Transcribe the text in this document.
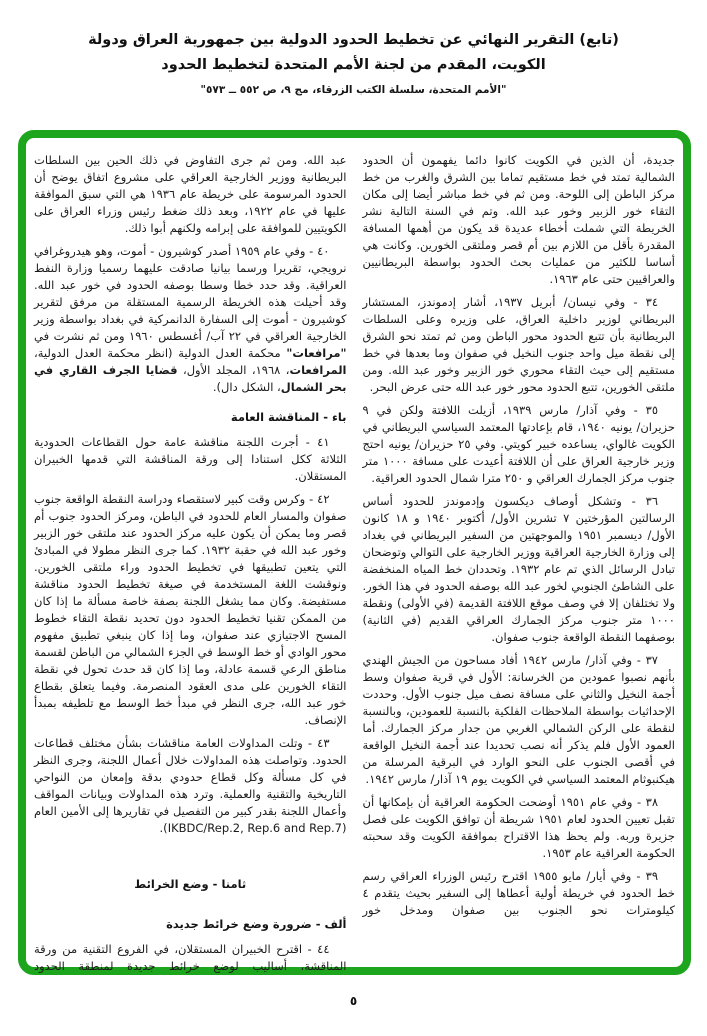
(تابع) التقرير النهائي عن تخطيط الحدود الدولية بين جمهورية العراق ودولة

الكويت، المقدم من لجنة الأمم المتحدة لتخطيط الحدود

"الأمم المتحدة، سلسلة الكتب الزرقاء، مج ٩، ص ٥٥٢ ــ ٥٧٣"

جديدة، أن الذين في الكويت كانوا دائما يفهمون أن الحدود الشمالية تمتد في خط مستقيم تماما بين الشرق والغرب من خط مركز الباطن إلى اللوحة. ومن ثم في خط مباشر أيضا إلى مكان التقاء خور الزبير وخور عبد الله. وتم في السنة التالية نشر الخريطة التي شملت أخطاء عديدة قد يكون من أهمها المسافة المقدرة بأقل من اللازم بين أم قصر وملتقى الخورين. وكانت هي أساسا للكثير من عمليات بحث الحدود بواسطة البريطانيين والعراقيين حتى عام ١٩٦٣.

٣٤ - وفي نيسان/ أبريل ١٩٣٧، أشار إدموندز، المستشار البريطاني لوزير داخلية العراق، على وزيره وعلى السلطات البريطانية بأن تتبع الحدود محور الباطن ومن ثم تمتد نحو الشرق إلى نقطة ميل واحد جنوب النخيل في صفوان وما بعدها في خط مستقيم إلى حيث التقاء محوري خور الزبير وخور عبد الله. ومن ملتقى الخورين، تتبع الحدود محور خور عبد الله حتى عرض البحر.

٣٥ - وفي آذار/ مارس ١٩٣٩، أزيلت اللافتة ولكن في ٩ حزيران/ يونيه ١٩٤٠، قام بإعادتها المعتمد السياسي البريطاني في الكويت غالواي، يساعده خبير كويتي. وفي ٢٥ حزيران/ يونيه احتج وزير خارجية العراق على أن اللافتة أعيدت على مسافة ١٠٠٠ متر جنوب مركز الجمارك العراقي و ٢٥٠ مترا شمال الحدود العراقية.

٣٦ - وتشكل أوصاف ديكسون وإدموندز للحدود أساس الرسالتين المؤرختين ٧ تشرين الأول/ أكتوبر ١٩٤٠ و ١٨ كانون الأول/ ديسمبر ١٩٥١ والموجهتين من السفير البريطاني في بغداد إلى وزارة الخارجية العراقية ووزير الخارجية على التوالي وتوضحان تبادل الرسائل الذي تم عام ١٩٣٢. وتحددان خط المياه المنخفضة على الشاطئ الجنوبي لخور عبد الله بوصفه الحدود في هذا الخور. ولا تختلفان إلا في وصف موقع اللافتة القديمة (في الأولى) ونقطة ١٠٠٠ متر جنوب مركز الجمارك العراقي القديم (في الثانية) بوصفهما النقطة الواقعة جنوب صفوان.

٣٧ - وفي آذار/ مارس ١٩٤٢ أفاد مساحون من الجيش الهندي بأنهم نصبوا عمودين من الخرسانة: الأول في قرية صفوان وسط أجمة النخيل والثاني على مسافة نصف ميل جنوب الأول. وحددت الإحداثيات بواسطة الملاحظات الفلكية بالنسبة للعمودين، وبالنسبة لنقطة على الركن الشمالي الغربي من جدار مركز الجمارك. أما العمود الأول فلم يذكر أنه نصب تحديدا عند أجمة النخيل الواقعة في أقصى الجنوب على النحو الوارد في البرقية المرسلة من هيكنبوثام المعتمد السياسي في الكويت يوم ١٩ آذار/ مارس ١٩٤٢.

٣٨ - وفي عام ١٩٥١ أوضحت الحكومة العراقية أن بإمكانها أن تقبل تعيين الحدود لعام ١٩٥١ شريطة أن توافق الكويت على فصل جزيرة وربه. ولم يحظ هذا الاقتراح بموافقة الكويت وقد سحبته الحكومة العراقية عام ١٩٥٣.

٣٩ - وفي أيار/ مايو ١٩٥٥ اقترح رئيس الوزراء العراقي رسم خط الحدود في خريطة أولية أعطاها إلى السفير بحيث يتقدم ٤ كيلومترات نحو الجنوب بين صفوان ومدخل خور

عبد الله. ومن ثم جرى التفاوض في ذلك الحين بين السلطات البريطانية ووزير الخارجية العراقي على مشروع اتفاق يوضح أن الحدود المرسومة على خريطة عام ١٩٣٦ هي التي سبق الموافقة عليها في عام ١٩٢٢، وبعد ذلك ضغط رئيس وزراء العراق على الكويتيين للموافقة على إبرامه ولكنهم أبوا ذلك.

٤٠ - وفي عام ١٩٥٩ أصدر كوشيرون - أموت، وهو هيدروغرافي نرويجي، تقريرا ورسما بيانيا صادقت عليهما رسميا وزارة النفط العراقية. وقد حدد خطا وسطا بوصفه الحدود في خور عبد الله. وقد أحيلت هذه الخريطة الرسمية المستقلة من مرفق لتقرير كوشيرون - أموت إلى السفارة الدانمركية في بغداد بواسطة وزير الخارجية العراقي في ٢٢ آب/ أغسطس ١٩٦٠ ومن ثم نشرت في "مرافعات" محكمة العدل الدولية (انظر محكمة العدل الدولية، المرافعات، ١٩٦٨، المجلد الأول، قضايا الجرف القاري في بحر الشمال، الشكل دال).

باء - المناقشة العامة

٤١ - أجرت اللجنة مناقشة عامة حول القطاعات الحدودية الثلاثة ككل استنادا إلى ورقة المناقشة التي قدمها الخبيران المستقلان.

٤٢ - وكرس وقت كبير لاستقصاء ودراسة النقطة الواقعة جنوب صفوان والمسار العام للحدود في الباطن، ومركز الحدود جنوب أم قصر وما يمكن أن يكون عليه مركز الحدود عند ملتقى خور الزبير وخور عبد الله في حقبة ١٩٣٢. كما جرى النظر مطولا في المبادئ التي يتعين تطبيقها في تخطيط الحدود وراء ملتقى الخورين. ونوقشت اللغة المستخدمة في صيغة تخطيط الحدود مناقشة مستفيضة. وكان مما يشغل اللجنة بصفة خاصة مسألة ما إذا كان من الممكن تقنيا تخطيط الحدود دون تحديد نقطة التقاء خطوط المسح الاجتيازي عند صفوان، وما إذا كان ينبغي تطبيق مفهوم محور الوادي أو خط الوسط في الجزء الشمالي من الباطن لقسمة مناطق الرعي قسمة عادلة، وما إذا كان قد حدث تحول في نقطة التقاء الخورين على مدى العقود المنصرمة. وفيما يتعلق بقطاع خور عبد الله، جرى النظر في مبدأ خط الوسط مع تلطيفه بمبدأ الإنصاف.

٤٣ - وتلت المداولات العامة مناقشات بشأن مختلف قطاعات الحدود. وتواصلت هذه المداولات خلال أعمال اللجنة، وجرى النظر في كل مسألة وكل قطاع حدودي بدقة وإمعان من النواحي التاريخية والتقنية والعملية. وترد هذه المداولات وبيانات المواقف وأعمال اللجنة بقدر كبير من التفصيل في تقاريرها إلى الأمين العام (IKBDC/Rep.2, Rep.6 and Rep.7).

ثامنا - وضع الخرائط
ألف - ضرورة وضع خرائط جديدة

٤٤ - اقترح الخبيران المستقلان، في الفروع التقنية من ورقة المناقشة، أساليب لوضع خرائط جديدة لمنطقة الحدود

٥
